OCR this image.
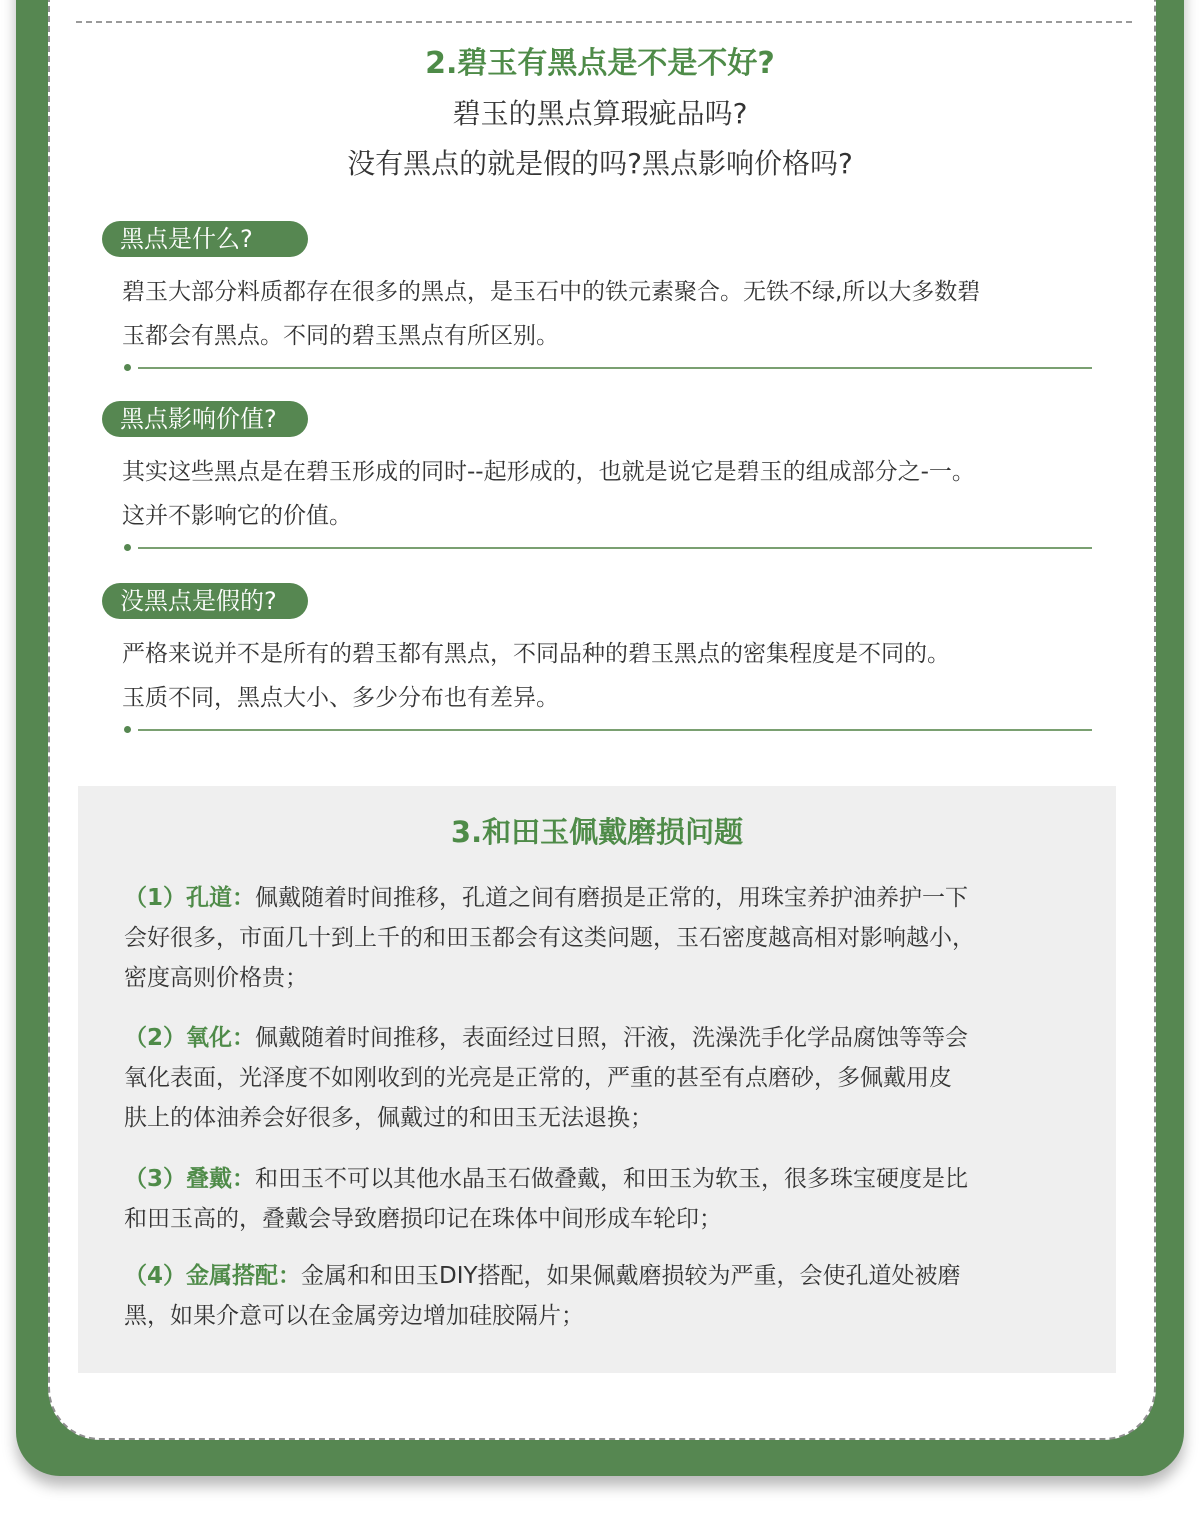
2.碧玉有黑点是不是不好?
碧玉的黑点算瑕疵品吗?
没有黑点的就是假的吗?黑点影响价格吗?
黑点是什么?
碧玉大部分料质都存在很多的黑点，是玉石中的铁元素聚合。无铁不绿,所以大多数碧
玉都会有黑点。不同的碧玉黑点有所区别。
黑点影响价值?
其实这些黑点是在碧玉形成的同时--起形成的，也就是说它是碧玉的组成部分之-一。
这并不影响它的价值。
没黑点是假的?
严格来说并不是所有的碧玉都有黑点，不同品种的碧玉黑点的密集程度是不同的。
玉质不同，黑点大小、多少分布也有差异。
3.和田玉佩戴磨损问题
（1）孔道：佩戴随着时间推移，孔道之间有磨损是正常的，用珠宝养护油养护一下
会好很多，市面几十到上千的和田玉都会有这类问题，玉石密度越高相对影响越小，
密度高则价格贵；
（2）氧化：佩戴随着时间推移，表面经过日照，汗液，洗澡洗手化学品腐蚀等等会
氧化表面，光泽度不如刚收到的光亮是正常的，严重的甚至有点磨砂，多佩戴用皮
肤上的体油养会好很多，佩戴过的和田玉无法退换；
（3）叠戴：和田玉不可以其他水晶玉石做叠戴，和田玉为软玉，很多珠宝硬度是比
和田玉高的，叠戴会导致磨损印记在珠体中间形成车轮印；
（4）金属搭配：金属和和田玉DIY搭配，如果佩戴磨损较为严重，会使孔道处被磨
黑，如果介意可以在金属旁边增加硅胶隔片；
